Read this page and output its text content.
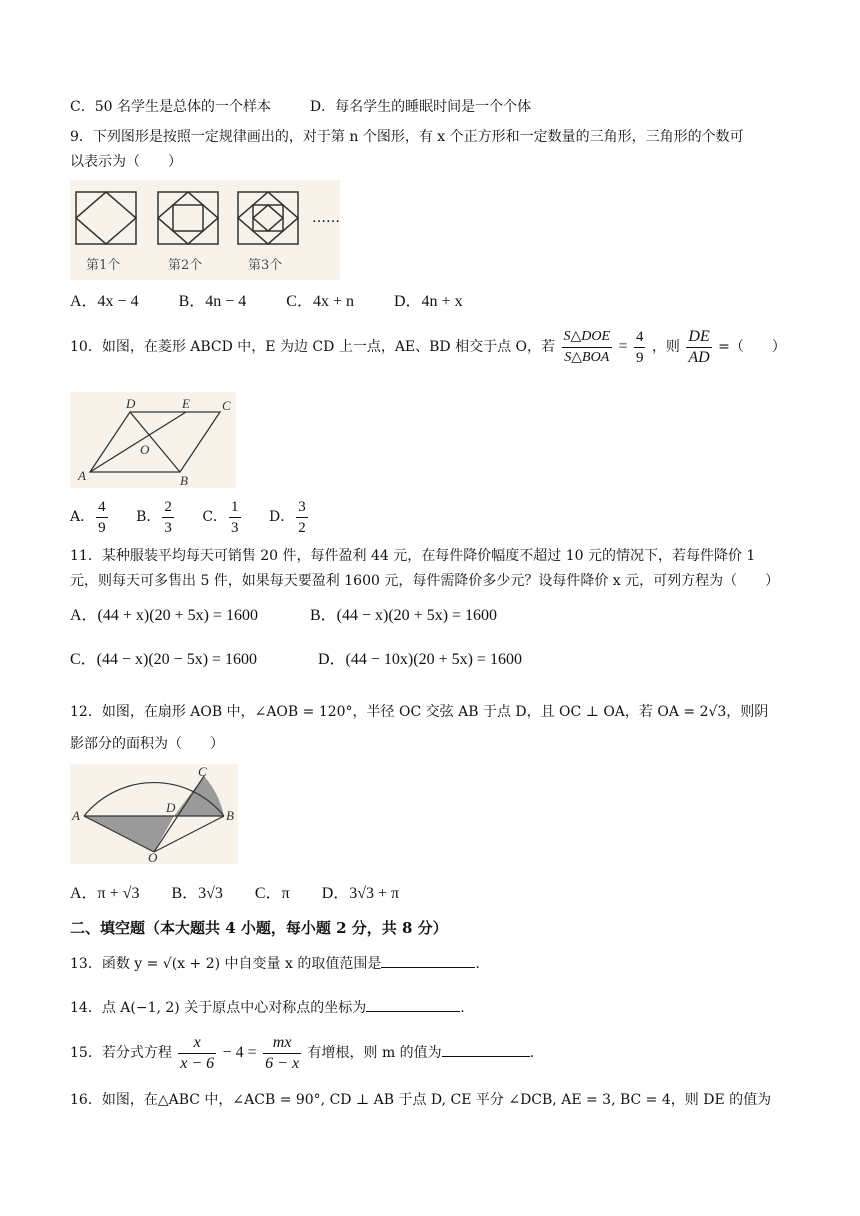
C．50 名学生是总体的一个样本	D．每名学生的睡眠时间是一个个体
9．下列图形是按照一定规律画出的，对于第 n 个图形，有 x 个正方形和一定数量的三角形，三角形的个数可
以表示为（　　）
……
第1个	第2个	第3个
A．4x − 4	B．4n − 4	C．4x + n	D．4n + x
10．如图，在菱形 ABCD 中，E 为边 CD 上一点，AE、BD 相交于点 O，若 $\frac{\text{S△DOE}}{\text{S△BOA}} = \frac{4}{9}$ ，则 $\frac{DE}{AD}$ =（　　）
A	B
C
D	E
O
A． $\frac{4}{9}$ B． $\frac{2}{3}$ C． $\frac{1}{3}$ D． $\frac{3}{2}$
11．某种服装平均每天可销售 20 件，每件盈利 44 元，在每件降价幅度不超过 10 元的情况下，若每件降价 1
元，则每天可多售出 5 件，如果每天要盈利 1600 元，每件需降价多少元？设每件降价 x 元，可列方程为（　　）
A．(44 + x)(20 + 5x) = 1600	B．(44 − x)(20 + 5x) = 1600
C．(44 − x)(20 − 5x) = 1600	D．(44 − 10x)(20 + 5x) = 1600
12．如图，在扇形 AOB 中，∠AOB = 120°，半径 OC 交弦 AB 于点 D，且 OC ⊥ OA，若 OA = 2√3，则阴
影部分的面积为（　　）
A	B
C
D
O
A．π + √3 B．3√3 C．π D．3√3 + π
二、填空题（本大题共 4 小题，每小题 2 分，共 8 分）
13．函数 y = √(x + 2) 中自变量 x 的取值范围是	.
14．点 A(−1, 2) 关于原点中心对称点的坐标为	.
15．若分式方程 $\frac{x}{x - 6} - 4 = \frac{mx}{6 - x}$ 有增根，则 m 的值为	.
16．如图，在△ABC 中，∠ACB = 90°, CD ⊥ AB 于点 D, CE 平分 ∠DCB, AE = 3, BC = 4，则 DE 的值为
